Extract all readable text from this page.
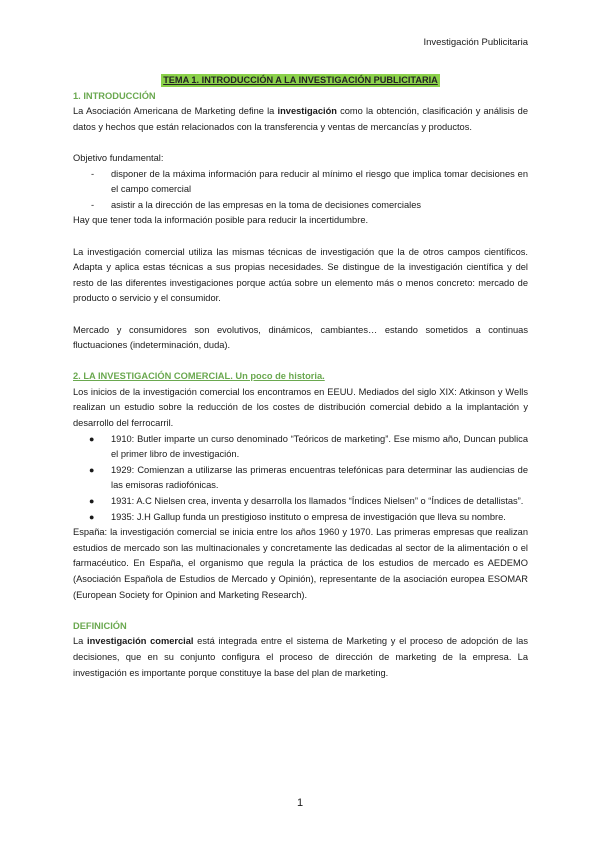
Investigación Publicitaria
TEMA 1. INTRODUCCIÓN A LA INVESTIGACIÓN PUBLICITARIA
1. INTRODUCCIÓN

La Asociación Americana de Marketing define la investigación como la obtención, clasificación y análisis de datos y hechos que están relacionados con la transferencia y ventas de mercancías y productos.

Objetivo fundamental:

- disponer de la máxima información para reducir al mínimo el riesgo que implica tomar decisiones en el campo comercial
- asistir a la dirección de las empresas en la toma de decisiones comerciales

Hay que tener toda la información posible para reducir la incertidumbre.

La investigación comercial utiliza las mismas técnicas de investigación que la de otros campos científicos. Adapta y aplica estas técnicas a sus propias necesidades. Se distingue de la investigación científica y del resto de las diferentes investigaciones porque actúa sobre un elemento más o menos concreto: mercado de producto o servicio y el consumidor.

Mercado y consumidores son evolutivos, dinámicos, cambiantes… estando sometidos a continuas fluctuaciones (indeterminación, duda).

2. LA INVESTIGACIÓN COMERCIAL. Un poco de historia.

Los inicios de la investigación comercial los encontramos en EEUU. Mediados del siglo XIX: Atkinson y Wells realizan un estudio sobre la reducción de los costes de distribución comercial debido a la implantación y desarrollo del ferrocarril.

● 1910: Butler imparte un curso denominado “Teóricos de marketing”. Ese mismo año, Duncan publica el primer libro de investigación.
● 1929: Comienzan a utilizarse las primeras encuentras telefónicas para determinar las audiencias de las emisoras radiofónicas.
● 1931: A.C Nielsen crea, inventa y desarrolla los llamados “Índices Nielsen” o “Índices de detallistas”.
● 1935: J.H Gallup funda un prestigioso instituto o empresa de investigación que lleva su nombre.

España: la investigación comercial se inicia entre los años 1960 y 1970. Las primeras empresas que realizan estudios de mercado son las multinacionales y concretamente las dedicadas al sector de la alimentación o el farmacéutico. En España, el organismo que regula la práctica de los estudios de mercado es AEDEMO (Asociación Española de Estudios de Mercado y Opinión), representante de la asociación europea ESOMAR (European Society for Opinion and Marketing Research).

DEFINICIÓN

La investigación comercial está integrada entre el sistema de Marketing y el proceso de adopción de las decisiones, que en su conjunto configura el proceso de dirección de marketing de la empresa. La investigación es importante porque constituye la base del plan de marketing.

1
